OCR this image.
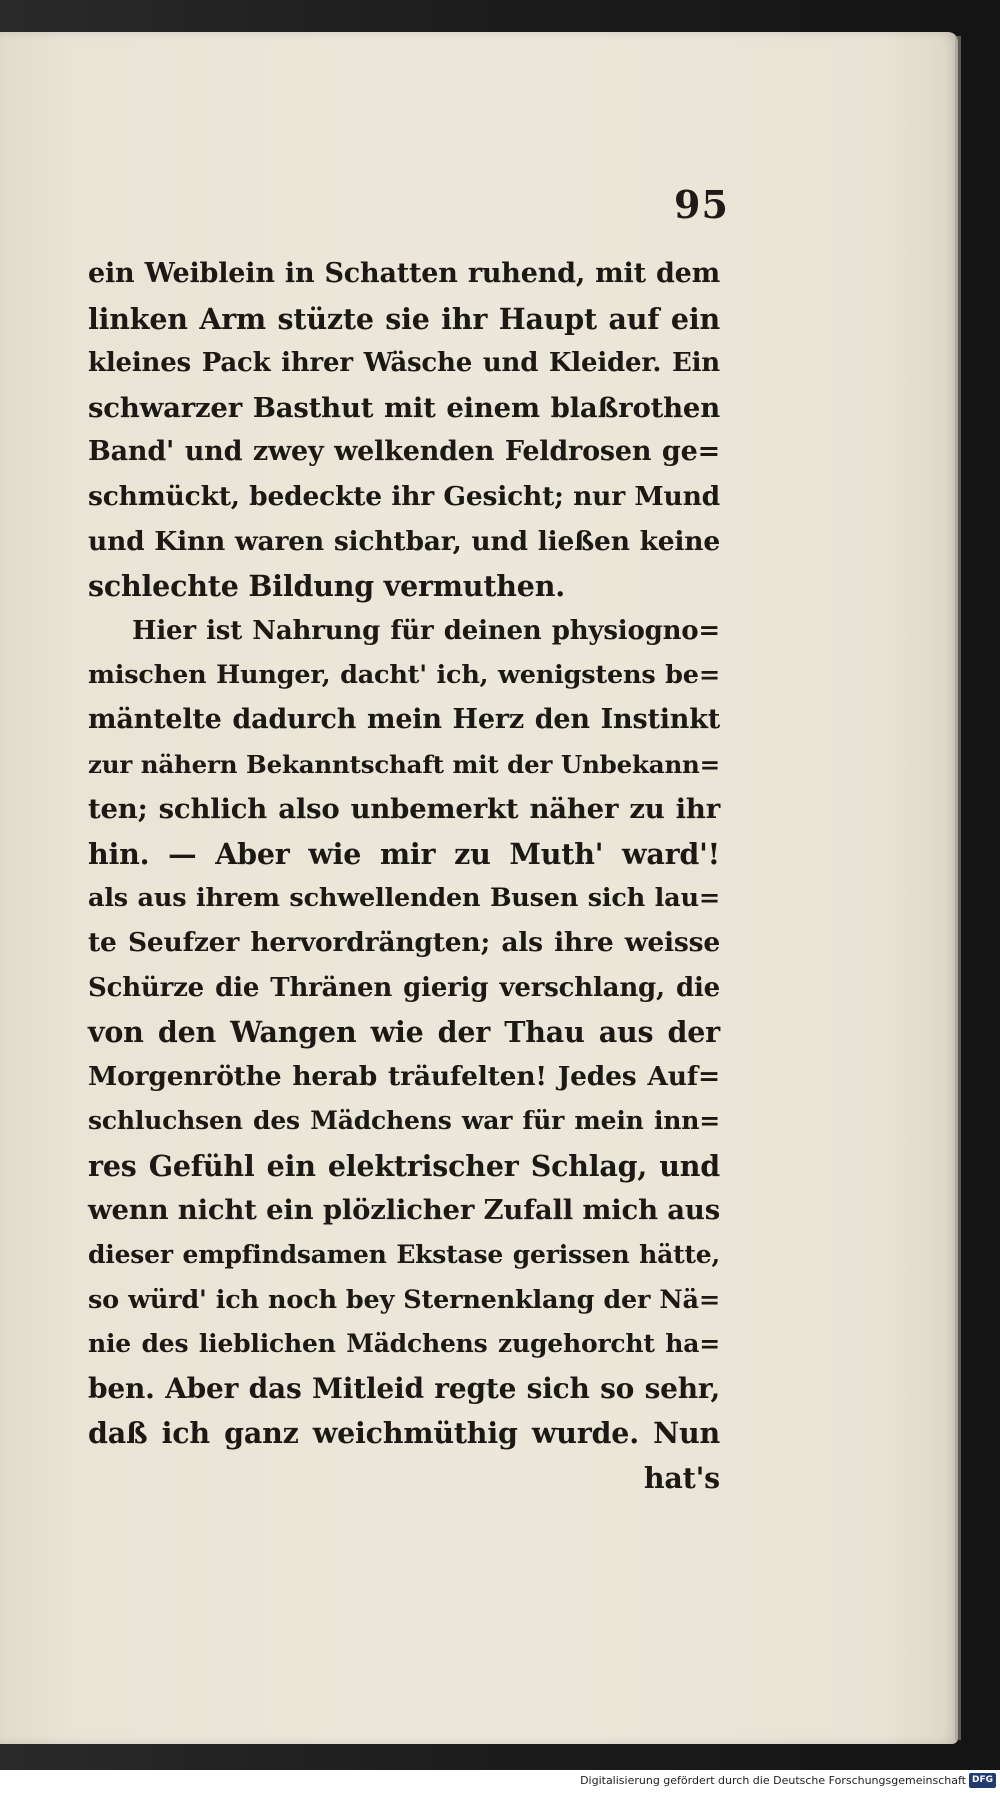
95
ein Weiblein in Schatten ruhend, mit dem
linken Arm stüzte sie ihr Haupt auf ein
kleines Pack ihrer Wäsche und Kleider. Ein
schwarzer Basthut mit einem blaßrothen
Band' und zwey welkenden Feldrosen ge=
schmückt, bedeckte ihr Gesicht; nur Mund
und Kinn waren sichtbar, und ließen keine
schlechte Bildung vermuthen.
Hier ist Nahrung für deinen physiogno=
mischen Hunger, dacht' ich, wenigstens be=
mäntelte dadurch mein Herz den Instinkt
zur nähern Bekanntschaft mit der Unbekann=
ten; schlich also unbemerkt näher zu ihr
hin. — Aber wie mir zu Muth' ward'!
als aus ihrem schwellenden Busen sich lau=
te Seufzer hervordrängten; als ihre weisse
Schürze die Thränen gierig verschlang, die
von den Wangen wie der Thau aus der
Morgenröthe herab träufelten! Jedes Auf=
schluchsen des Mädchens war für mein inn=
res Gefühl ein elektrischer Schlag, und
wenn nicht ein plözlicher Zufall mich aus
dieser empfindsamen Ekstase gerissen hätte,
so würd' ich noch bey Sternenklang der Nä=
nie des lieblichen Mädchens zugehorcht ha=
ben. Aber das Mitleid regte sich so sehr,
daß ich ganz weichmüthig wurde. Nun
hat's
Digitalisierung gefördert durch die Deutsche Forschungsgemeinschaft DFG
